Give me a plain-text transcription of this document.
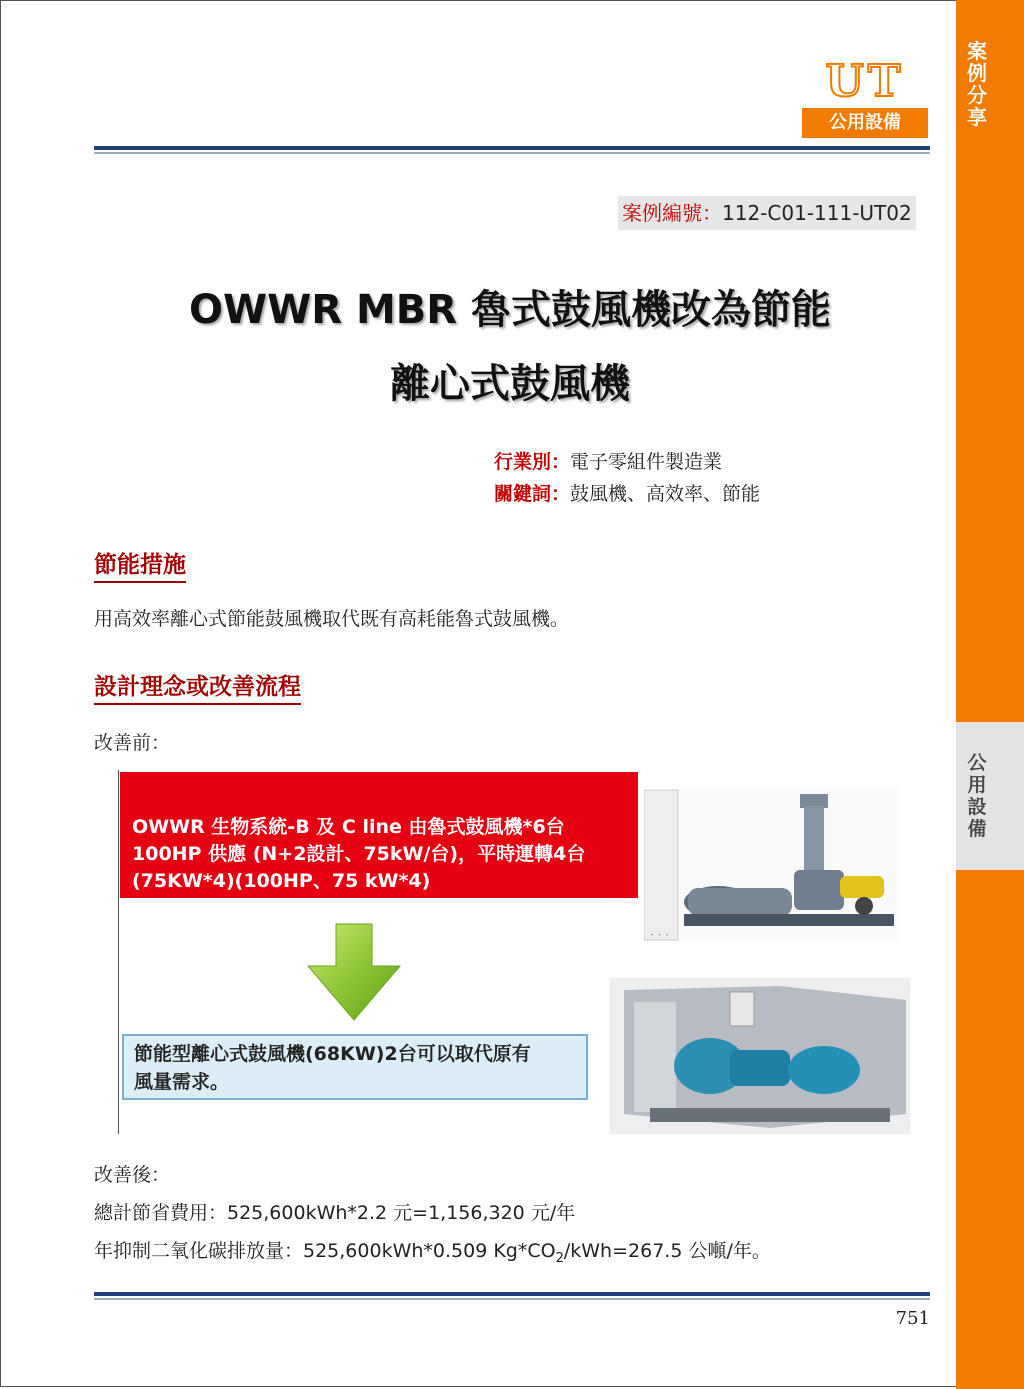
案例分享
公用設備
UT
公用設備
案例編號：112-C01-111-UT02
OWWR MBR 魯式鼓風機改為節能
離心式鼓風機
行業別：電子零組件製造業
關鍵詞：鼓風機、高效率、節能
節能措施
用高效率離心式節能鼓風機取代既有高耗能魯式鼓風機。
設計理念或改善流程
改善前：
OWWR 生物系統-B 及 C line 由魯式鼓風機*6台
100HP 供應 (N+2設計、75kW/台)，平時運轉4台
(75KW*4)(100HP、75 kW*4)
· · ·
節能型離心式鼓風機(68KW)2台可以取代原有
風量需求。
改善後：
總計節省費用：525,600kWh*2.2 元=1,156,320 元/年
年抑制二氧化碳排放量：525,600kWh*0.509 $Kg*CO_2/kWh=267.5$ 公噸/年。
751
